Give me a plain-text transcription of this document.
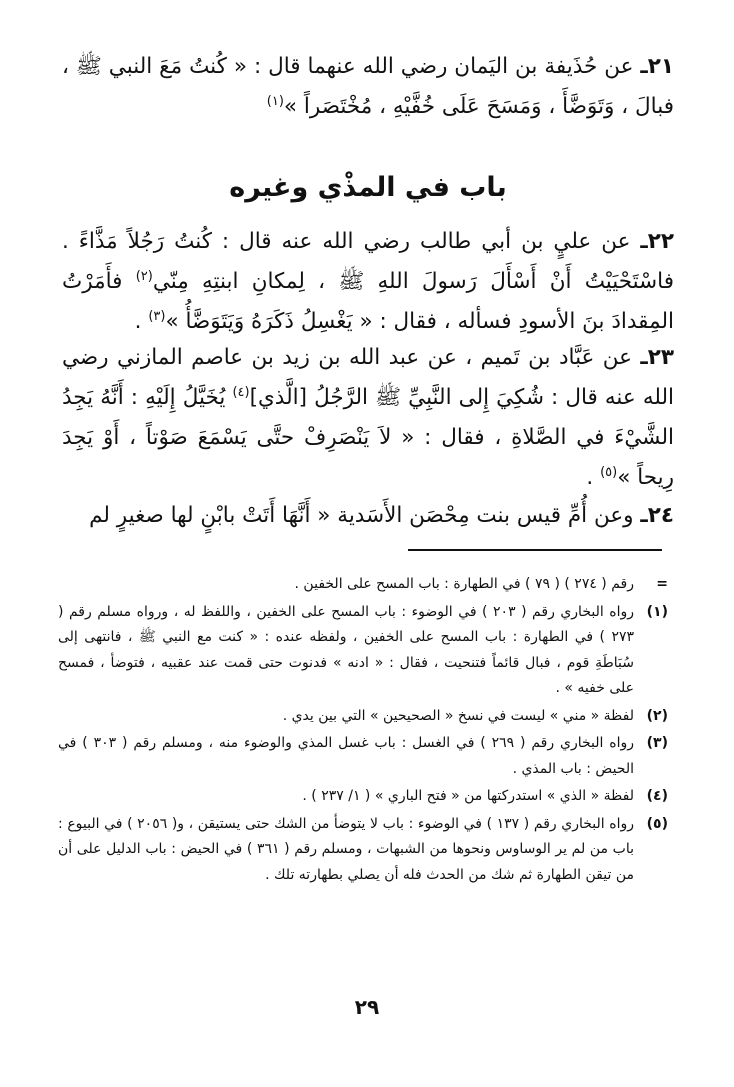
٢١ـ عن حُذَيفة بن اليَمان رضي الله عنهما قال : « كُنتُ مَعَ النبي ﷺ ، فبالَ ، وَتَوَضَّأَ ، وَمَسَحَ عَلَى خُفَّيْهِ ، مُخْتَصَراً »$^{(١)}$
باب في المذْي وغيره
٢٢ـ عن عليٍ بن أبي طالب رضي الله عنه قال : كُنتُ رَجُلاً مَذَّاءً . فاسْتَحْيَيْتُ أَنْ أَسْأَلَ رَسولَ اللهِ ﷺ ، لِمكانِ ابنتِهِ مِنّي$^{(٢)}$ فأَمَرْتُ المِقدادَ بنَ الأسودِ فسأله ، فقال : « يَغْسِلُ ذَكَرَهُ وَيَتَوَضَّأُ »$^{(٣)}$ .
٢٣ـ عن عَبَّاد بن تَميم ، عن عبد الله بن زيد بن عاصم المازني رضي الله عنه قال : شُكِيَ إِلى النَّبِيِّ ﷺ الرَّجُلُ [الَّذي]$^{(٤)}$ يُخَيَّلُ إِلَيْهِ : أَنَّهُ يَجِدُ الشَّيْءَ في الصَّلاةِ ، فقال : « لاَ يَنْصَرِفْ حتَّى يَسْمَعَ صَوْتاً ، أَوْ يَجِدَ رِيحاً »$^{(٥)}$ .
٢٤ـ وعن أُمِّ قيس بنت مِحْصَن الأَسَدية « أَنَّهَا أَتَتْ بابْنٍ لها صغيرٍ لم
=
رقم ( ٢٧٤ ) ( ٧٩ ) في الطهارة : باب المسح على الخفين .
(١)
رواه البخاري رقم ( ٢٠٣ ) في الوضوء : باب المسح على الخفين ، واللفظ له ، ورواه مسلم رقم ( ٢٧٣ ) في الطهارة : باب المسح على الخفين ، ولفظه عنده : « كنت مع النبي ﷺ ، فانتهى إلى سُبَاطَةِ قوم ، فبال قائماً فتنحيت ، فقال : « ادنه » فدنوت حتى قمت عند عقبيه ، فتوضأ ، فمسح على خفيه » .
(٢)
لفظة « مني » ليست في نسخ « الصحيحين » التي بين يدي .
(٣)
رواه البخاري رقم ( ٢٦٩ ) في الغسل : باب غسل المذي والوضوء منه ، ومسلم رقم ( ٣٠٣ ) في الحيض : باب المذي .
(٤)
لفظة « الذي » استدركتها من « فتح الباري » ( ١/ ٢٣٧ ) .
(٥)
رواه البخاري رقم ( ١٣٧ ) في الوضوء : باب لا يتوضأ من الشك حتى يستيقن ، و( ٢٠٥٦ ) في البيوع : باب من لم ير الوساوس ونحوها من الشبهات ، ومسلم رقم ( ٣٦١ ) في الحيض : باب الدليل على أن من تيقن الطهارة ثم شك من الحدث فله أن يصلي بطهارته تلك .
٢٩
